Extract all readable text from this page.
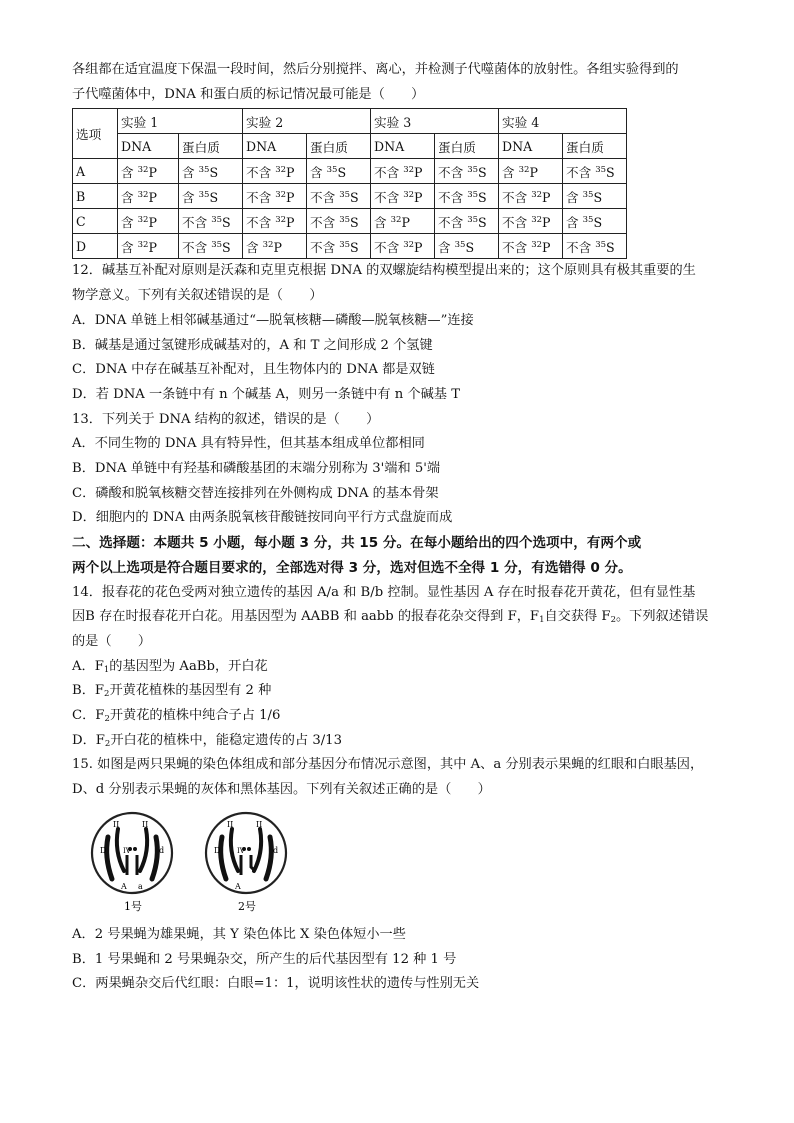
各组都在适宜温度下保温一段时间，然后分别搅拌、离心，并检测子代噬菌体的放射性。各组实验得到的

子代噬菌体中，DNA 和蛋白质的标记情况最可能是（　　）

选项	实验 1		实验 2		实验 3		实验 4	
	DNA	蛋白质	DNA	蛋白质	DNA	蛋白质	DNA	蛋白质
A	含 $^{32}$P	含 $^{35}$S	不含 $^{32}$P	含 $^{35}$S	不含 $^{32}$P	不含 $^{35}$S	含 $^{32}$P	不含 $^{35}$S
B	含 $^{32}$P	含 $^{35}$S	不含 $^{32}$P	不含 $^{35}$S	不含 $^{32}$P	不含 $^{35}$S	不含 $^{32}$P	含 $^{35}$S
C	含 $^{32}$P	不含 $^{35}$S	不含 $^{32}$P	不含 $^{35}$S	含 $^{32}$P	不含 $^{35}$S	不含 $^{32}$P	含 $^{35}$S
D	含 $^{32}$P	不含 $^{35}$S	含 $^{32}$P	不含 $^{35}$S	不含 $^{32}$P	含 $^{35}$S	不含 $^{32}$P	不含 $^{35}$S

12．碱基互补配对原则是沃森和克里克根据 DNA 的双螺旋结构模型提出来的；这个原则具有极其重要的生

物学意义。下列有关叙述错误的是（　　）

A．DNA 单链上相邻碱基通过“—脱氧核糖—磷酸—脱氧核糖—”连接

B．碱基是通过氢键形成碱基对的，A 和 T 之间形成 2 个氢键

C．DNA 中存在碱基互补配对，且生物体内的 DNA 都是双链

D．若 DNA 一条链中有 n 个碱基 A，则另一条链中有 n 个碱基 T

13．下列关于 DNA 结构的叙述，错误的是（　　）

A．不同生物的 DNA 具有特异性，但其基本组成单位都相同

B．DNA 单链中有羟基和磷酸基团的末端分别称为 3'端和 5'端

C．磷酸和脱氧核糖交替连接排列在外侧构成 DNA 的基本骨架

D．细胞内的 DNA 由两条脱氧核苷酸链按同向平行方式盘旋而成

二、选择题：本题共 5 小题，每小题 3 分，共 15 分。在每小题给出的四个选项中，有两个或

两个以上选项是符合题目要求的，全部选对得 3 分，选对但选不全得 1 分，有选错得 0 分。

14．报春花的花色受两对独立遗传的基因 A/a 和 B/b 控制。显性基因 A 存在时报春花开黄花，但有显性基

因B 存在时报春花开白花。用基因型为 AABB 和 aabb 的报春花杂交得到 F，$F_1$自交获得 $F_2$。下列叙述错误

的是（　　）

A．$F_1$的基因型为 AaBb，开白花

B．$F_2$开黄花植株的基因型有 2 种

C．$F_2$开黄花的植株中纯合子占 1/6

D．$F_2$开白花的植株中，能稳定遗传的占 3/13

15. 如图是两只果蝇的染色体组成和部分基因分布情况示意图，其中 A、a 分别表示果蝇的红眼和白眼基因，

D、d 分别表示果蝇的灰体和黑体基因。下列有关叙述正确的是（　　）

II	II
D	d
IV
A a
1号
II	II
D	d
IV
A
2号

A．2 号果蝇为雄果蝇，其 Y 染色体比 X 染色体短小一些

B．1 号果蝇和 2 号果蝇杂交，所产生的后代基因型有 12 种 1 号

C．两果蝇杂交后代红眼：白眼=1：1，说明该性状的遗传与性别无关
